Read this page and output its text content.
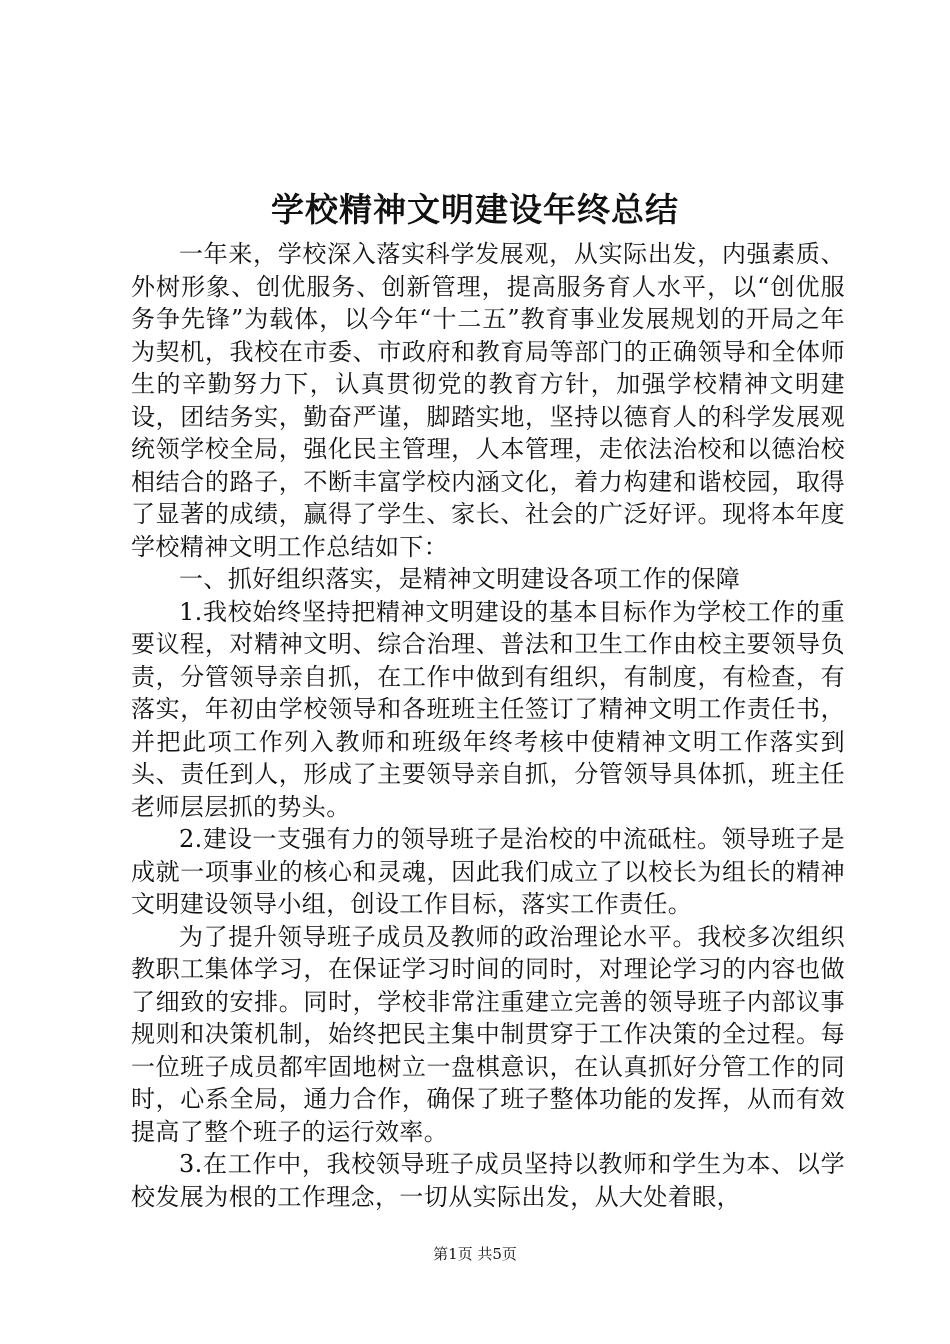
学校精神文明建设年终总结

一年来，学校深入落实科学发展观，从实际出发，内强素质、外树形象、创优服务、创新管理，提高服务育人水平，以“创优服务争先锋”为载体，以今年“十二五”教育事业发展规划的开局之年为契机，我校在市委、市政府和教育局等部门的正确领导和全体师生的辛勤努力下，认真贯彻党的教育方针，加强学校精神文明建设，团结务实，勤奋严谨，脚踏实地，坚持以德育人的科学发展观统领学校全局，强化民主管理，人本管理，走依法治校和以德治校相结合的路子，不断丰富学校内涵文化，着力构建和谐校园，取得了显著的成绩，赢得了学生、家长、社会的广泛好评。现将本年度学校精神文明工作总结如下：

一、抓好组织落实，是精神文明建设各项工作的保障

1.我校始终坚持把精神文明建设的基本目标作为学校工作的重要议程，对精神文明、综合治理、普法和卫生工作由校主要领导负责，分管领导亲自抓，在工作中做到有组织，有制度，有检查，有落实，年初由学校领导和各班班主任签订了精神文明工作责任书，并把此项工作列入教师和班级年终考核中使精神文明工作落实到头、责任到人，形成了主要领导亲自抓，分管领导具体抓，班主任老师层层抓的势头。

2.建设一支强有力的领导班子是治校的中流砥柱。领导班子是成就一项事业的核心和灵魂，因此我们成立了以校长为组长的精神文明建设领导小组，创设工作目标，落实工作责任。

为了提升领导班子成员及教师的政治理论水平。我校多次组织教职工集体学习，在保证学习时间的同时，对理论学习的内容也做了细致的安排。同时，学校非常注重建立完善的领导班子内部议事规则和决策机制，始终把民主集中制贯穿于工作决策的全过程。每一位班子成员都牢固地树立一盘棋意识，在认真抓好分管工作的同时，心系全局，通力合作，确保了班子整体功能的发挥，从而有效提高了整个班子的运行效率。

3.在工作中，我校领导班子成员坚持以教师和学生为本、以学校发展为根的工作理念，一切从实际出发，从大处着眼，

第1页 共5页
